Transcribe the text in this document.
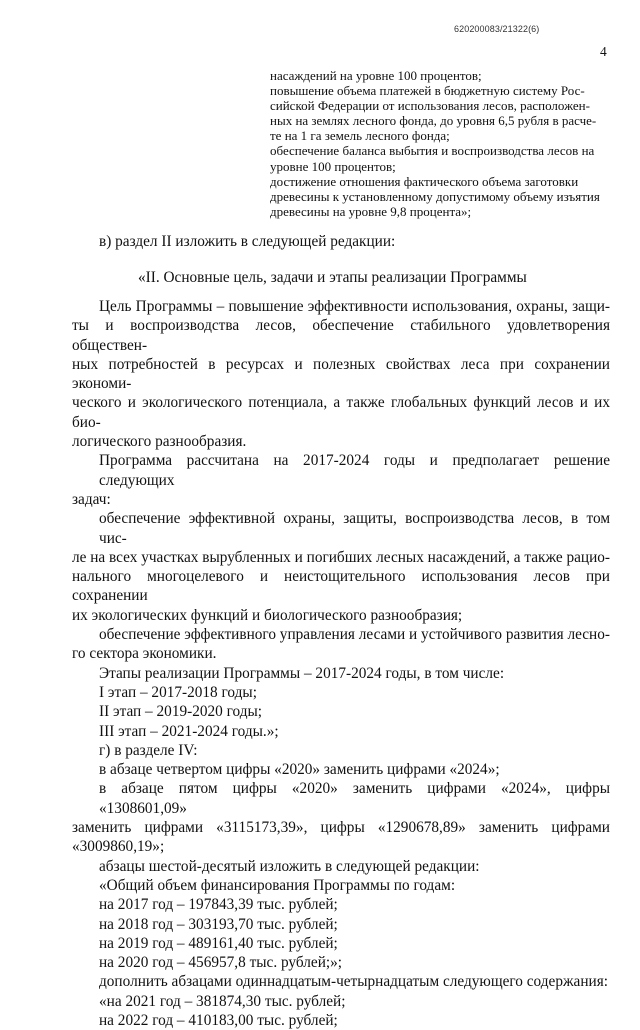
620200083/21322(6)
4
насаждений на уровне 100 процентов;
повышение объема платежей в бюджетную систему Рос-
сийской Федерации от использования лесов, расположен-
ных на землях лесного фонда, до уровня 6,5 рубля в расче-
те на 1 га земель лесного фонда;
обеспечение баланса выбытия и воспроизводства лесов на
уровне 100 процентов;
достижение отношения фактического объема заготовки
древесины к установленному допустимому объему изъятия
древесины на уровне 9,8 процента»;
в) раздел II изложить в следующей редакции:
«II. Основные цель, задачи и этапы реализации Программы
Цель Программы – повышение эффективности использования, охраны, защи-
ты и воспроизводства лесов, обеспечение стабильного удовлетворения обществен-
ных потребностей в ресурсах и полезных свойствах леса при сохранении экономи-
ческого и экологического потенциала, а также глобальных функций лесов и их био-
логического разнообразия.
Программа рассчитана на 2017-2024 годы и предполагает решение следующих
задач:
обеспечение эффективной охраны, защиты, воспроизводства лесов, в том чис-
ле на всех участках вырубленных и погибших лесных насаждений, а также рацио-
нального многоцелевого и неистощительного использования лесов при сохранении
их экологических функций и биологического разнообразия;
обеспечение эффективного управления лесами и устойчивого развития лесно-
го сектора экономики.
Этапы реализации Программы – 2017-2024 годы, в том числе:
I этап – 2017-2018 годы;
II этап – 2019-2020 годы;
III этап – 2021-2024 годы.»;
г) в разделе IV:
в абзаце четвертом цифры «2020» заменить цифрами «2024»;
в абзаце пятом цифры «2020» заменить цифрами «2024», цифры «1308601,09»
заменить цифрами «3115173,39», цифры «1290678,89» заменить цифрами
«3009860,19»;
абзацы шестой-десятый изложить в следующей редакции:
«Общий объем финансирования Программы по годам:
на 2017 год – 197843,39 тыс. рублей;
на 2018 год – 303193,70 тыс. рублей;
на 2019 год – 489161,40 тыс. рублей;
на 2020 год – 456957,8 тыс. рублей;»;
дополнить абзацами одиннадцатым-четырнадцатым следующего содержания:
«на 2021 год – 381874,30 тыс. рублей;
на 2022 год – 410183,00 тыс. рублей;
